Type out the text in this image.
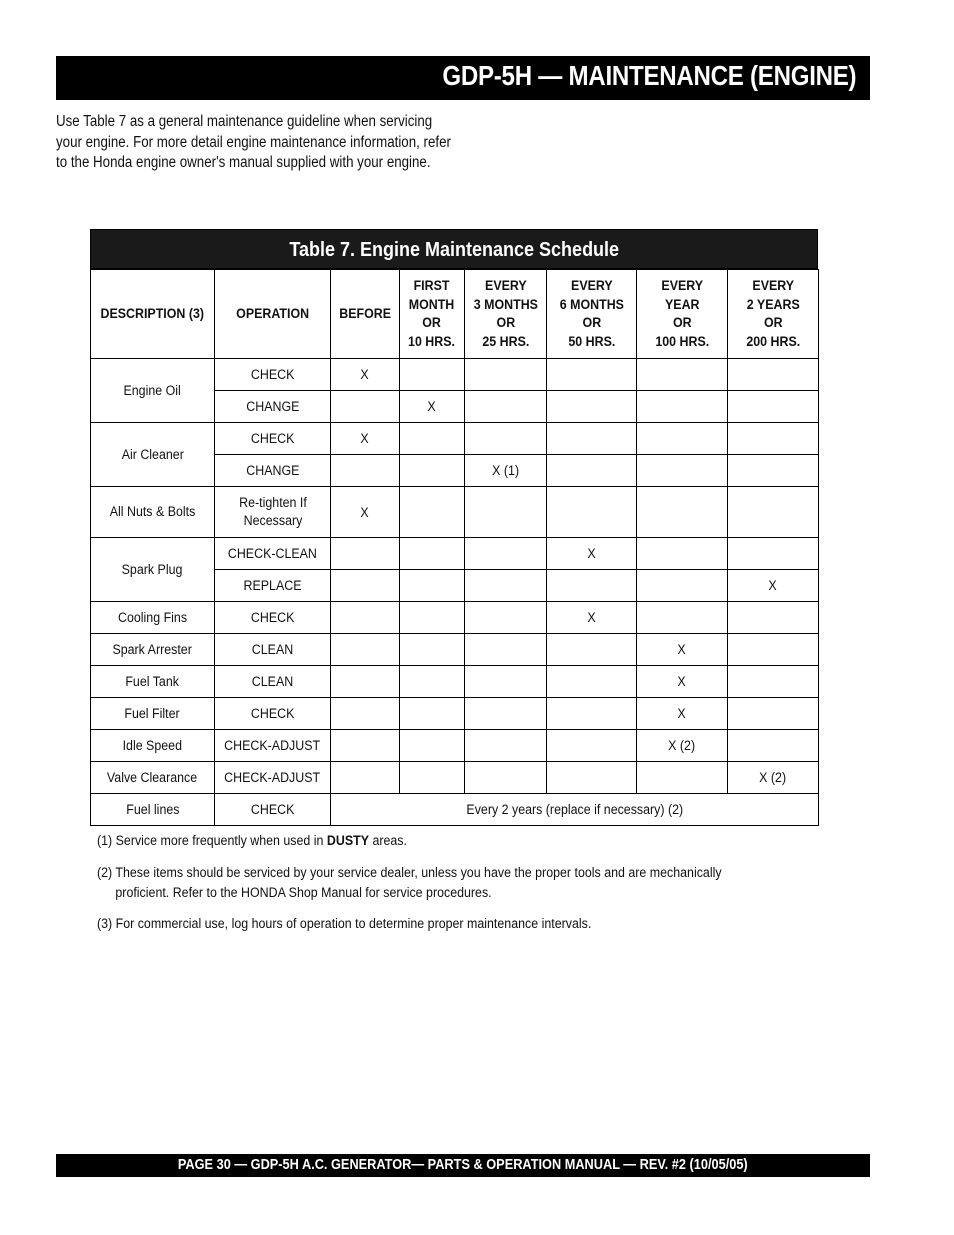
GDP-5H — MAINTENANCE (ENGINE)
Use Table 7 as a general maintenance guideline when servicing your engine. For more detail engine maintenance information, refer to the Honda engine owner's manual supplied with your engine.
Table 7. Engine Maintenance Schedule
DESCRIPTION (3)	OPERATION	BEFORE	FIRST
MONTH
OR
10 HRS.	EVERY
3 MONTHS
OR
25 HRS.	EVERY
6 MONTHS
OR
50 HRS.	EVERY
YEAR
OR
100 HRS.	EVERY
2 YEARS
OR
200 HRS.
Engine Oil	CHECK	X					
	CHANGE		X				
Air Cleaner	CHECK	X					
	CHANGE			X (1)			
All Nuts & Bolts	Re-tighten If Necessary	X					
Spark Plug	CHECK-CLEAN				X		
	REPLACE						X
Cooling Fins	CHECK				X		
Spark Arrester	CLEAN					X	
Fuel Tank	CLEAN					X	
Fuel Filter	CHECK					X	
Idle Speed	CHECK-ADJUST					X (2)	
Valve Clearance	CHECK-ADJUST						X (2)
Fuel lines	CHECK	Every 2 years (replace if necessary) (2)					
(1) Service more frequently when used in DUSTY areas.
(2) These items should be serviced by your service dealer, unless you have the proper tools and are mechanically
proficient. Refer to the HONDA Shop Manual for service procedures.
(3) For commercial use, log hours of operation to determine proper maintenance intervals.
PAGE 30 — GDP-5H A.C. GENERATOR— PARTS & OPERATION MANUAL — REV. #2 (10/05/05)
